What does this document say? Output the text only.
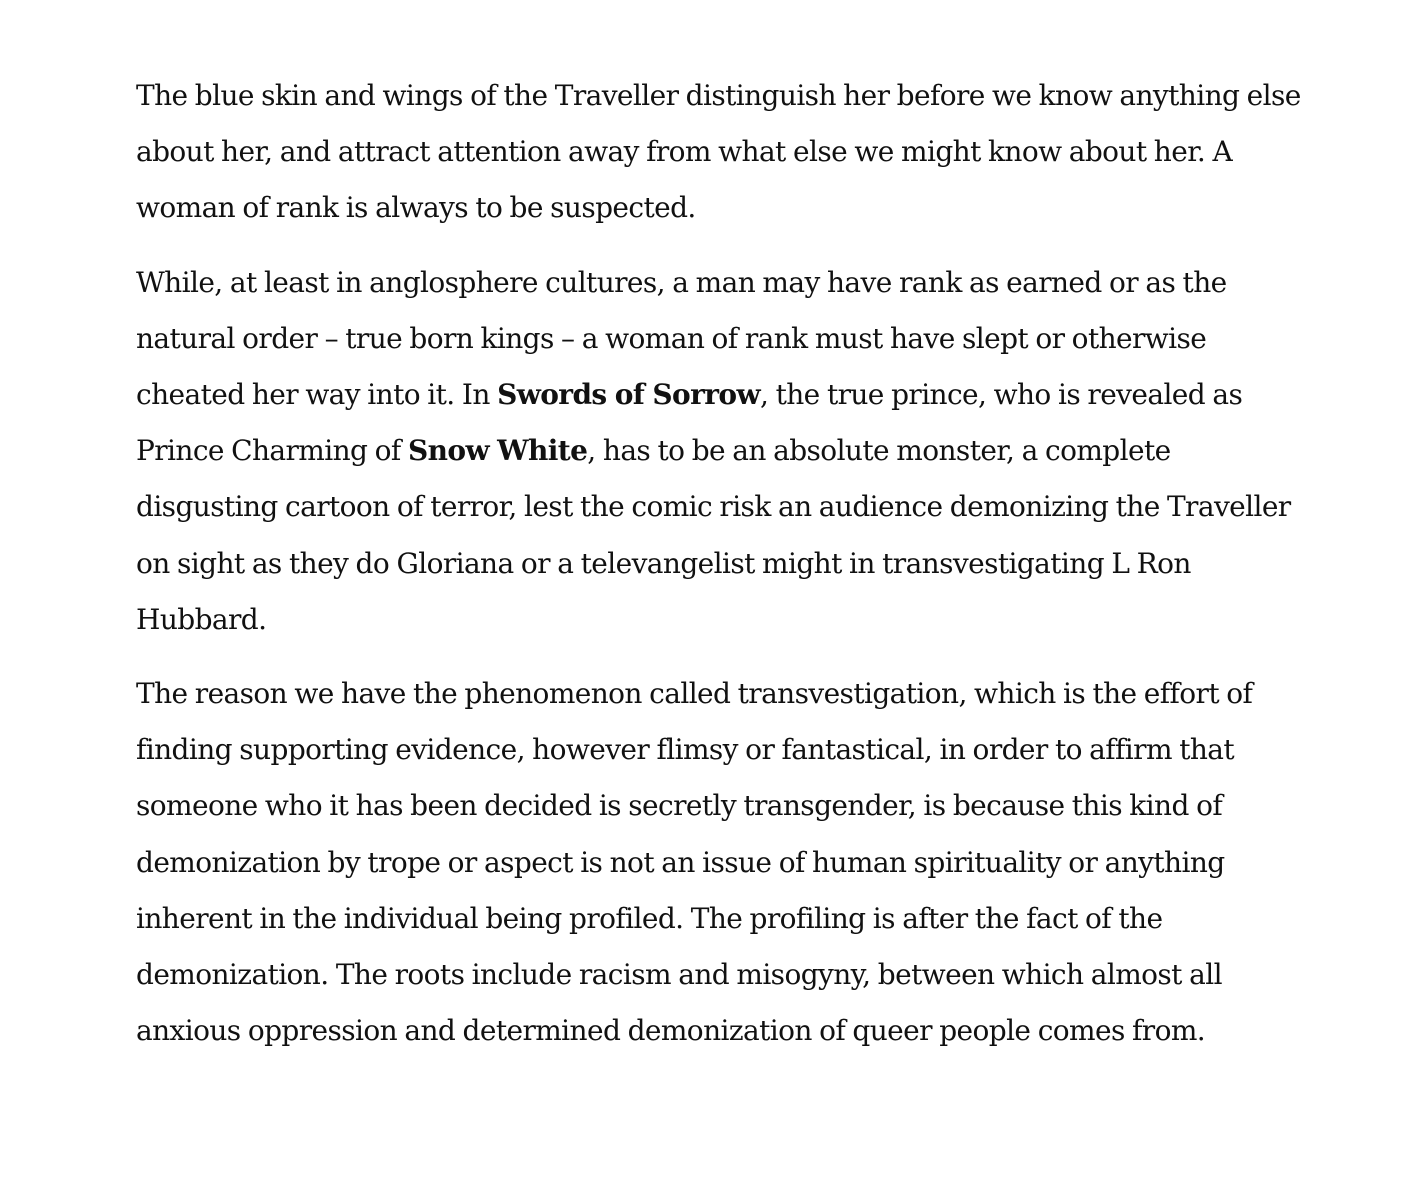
The blue skin and wings of the Traveller distinguish her before we know anything else about her, and attract attention away from what else we might know about her. A woman of rank is always to be suspected.

While, at least in anglosphere cultures, a man may have rank as earned or as the natural order – true born kings – a woman of rank must have slept or otherwise cheated her way into it. In Swords of Sorrow, the true prince, who is revealed as Prince Charming of Snow White, has to be an absolute monster, a complete disgusting cartoon of terror, lest the comic risk an audience demonizing the Traveller on sight as they do Gloriana or a televangelist might in transvestigating L Ron Hubbard.

The reason we have the phenomenon called transvestigation, which is the effort of finding supporting evidence, however flimsy or fantastical, in order to affirm that someone who it has been decided is secretly transgender, is because this kind of demonization by trope or aspect is not an issue of human spirituality or anything inherent in the individual being profiled. The profiling is after the fact of the demonization. The roots include racism and misogyny, between which almost all anxious oppression and determined demonization of queer people comes from.
